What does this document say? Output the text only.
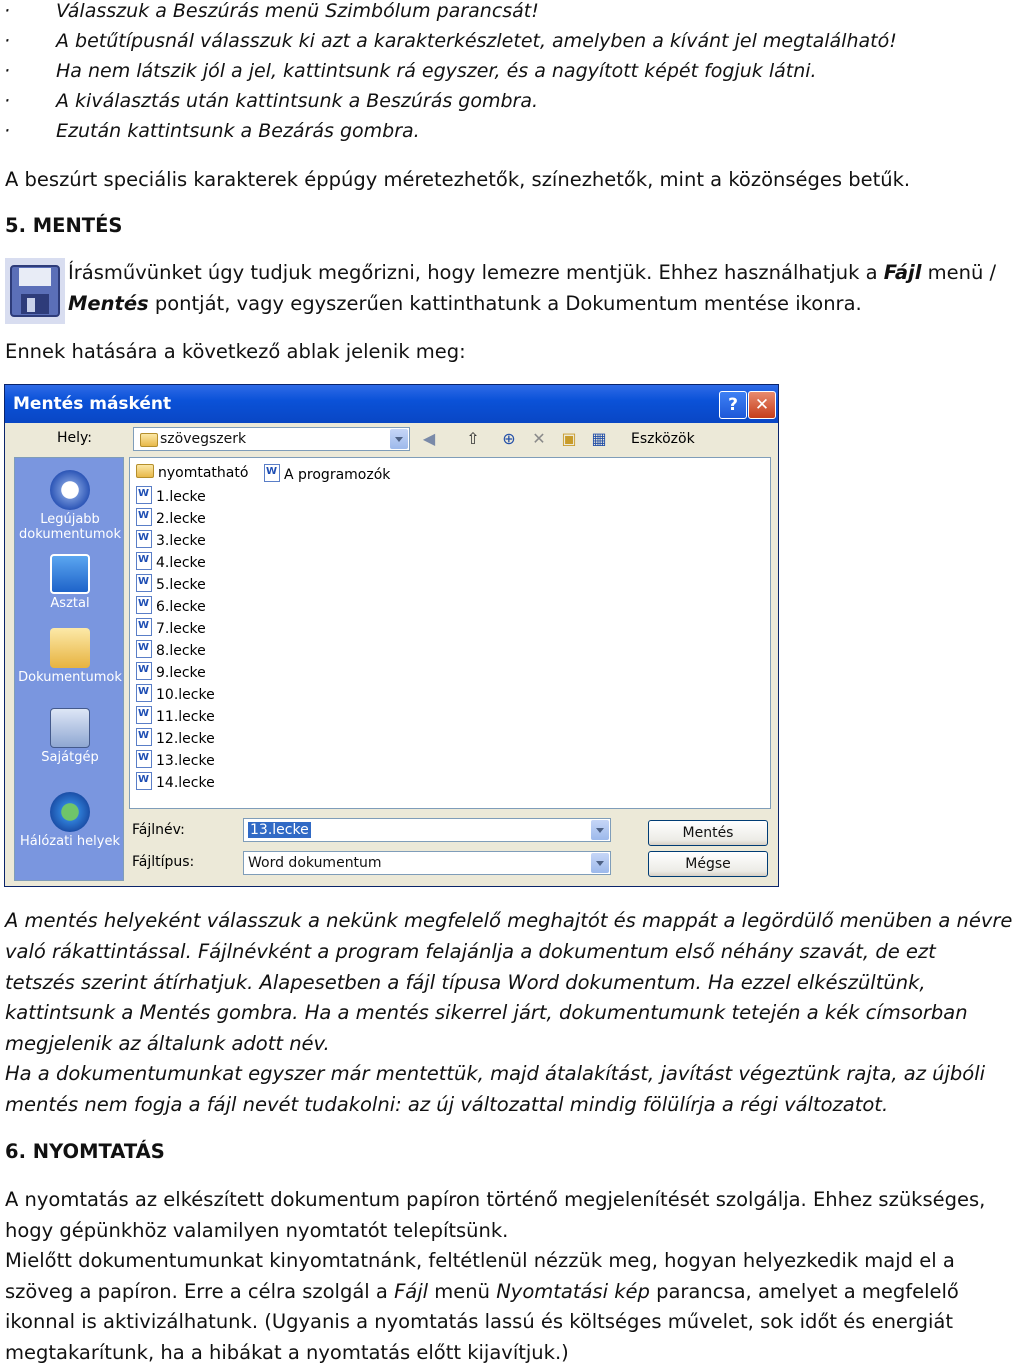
· Válasszuk a Beszúrás menü Szimbólum parancsát!
· A betűtípusnál válasszuk ki azt a karakterkészletet, amelyben a kívánt jel megtalálható!
· Ha nem látszik jól a jel, kattintsunk rá egyszer, és a nagyított képét fogjuk látni.
· A kiválasztás után kattintsunk a Beszúrás gombra.
· Ezután kattintsunk a Bezárás gombra.
A beszúrt speciális karakterek éppúgy méretezhetők, színezhetők, mint a közönséges betűk.
5. MENTÉS
Írásművünket úgy tudjuk megőrizni, hogy lemezre mentjük. Ehhez használhatjuk a Fájl menü /
Mentés pontját, vagy egyszerűen kattinthatunk a Dokumentum mentése ikonra.
Ennek hatására a következő ablak jelenik meg:
Mentés másként	? ✕
Hely:	szövegszerk	◀ ⇧ ⊕ ✕ ▣ ▦ Eszközök
Legújabb dokumentumok
Asztal
Dokumentumok
Sajátgép
Hálózati helyek
nyomtatható
W1.lecke
W2.lecke
W3.lecke
W4.lecke
W5.lecke
W6.lecke
W7.lecke
W8.lecke
W9.lecke
W10.lecke
W11.lecke
W12.lecke
W13.lecke
W14.lecke
WA programozók
Fájlnév:	13.lecke
Fájltípus:	Word dokumentum
Mentés
Mégse
A mentés helyeként válasszuk a nekünk megfelelő meghajtót és mappát a legördülő menüben a névre
való rákattintással. Fájlnévként a program felajánlja a dokumentum első néhány szavát, de ezt
tetszés szerint átírhatjuk. Alapesetben a fájl típusa Word dokumentum. Ha ezzel elkészültünk,
kattintsunk a Mentés gombra. Ha a mentés sikerrel járt, dokumentumunk tetején a kék címsorban
megjelenik az általunk adott név.
Ha a dokumentumunkat egyszer már mentettük, majd átalakítást, javítást végeztünk rajta, az újbóli
mentés nem fogja a fájl nevét tudakolni: az új változattal mindig fölülírja a régi változatot.
6. NYOMTATÁS
A nyomtatás az elkészített dokumentum papíron történő megjelenítését szolgálja. Ehhez szükséges,
hogy gépünkhöz valamilyen nyomtatót telepítsünk.
Mielőtt dokumentumunkat kinyomtatnánk, feltétlenül nézzük meg, hogyan helyezkedik majd el a
szöveg a papíron. Erre a célra szolgál a Fájl menü Nyomtatási kép parancsa, amelyet a megfelelő
ikonnal is aktivizálhatunk. (Ugyanis a nyomtatás lassú és költséges művelet, sok időt és energiát
megtakarítunk, ha a hibákat a nyomtatás előtt kijavítjuk.)
